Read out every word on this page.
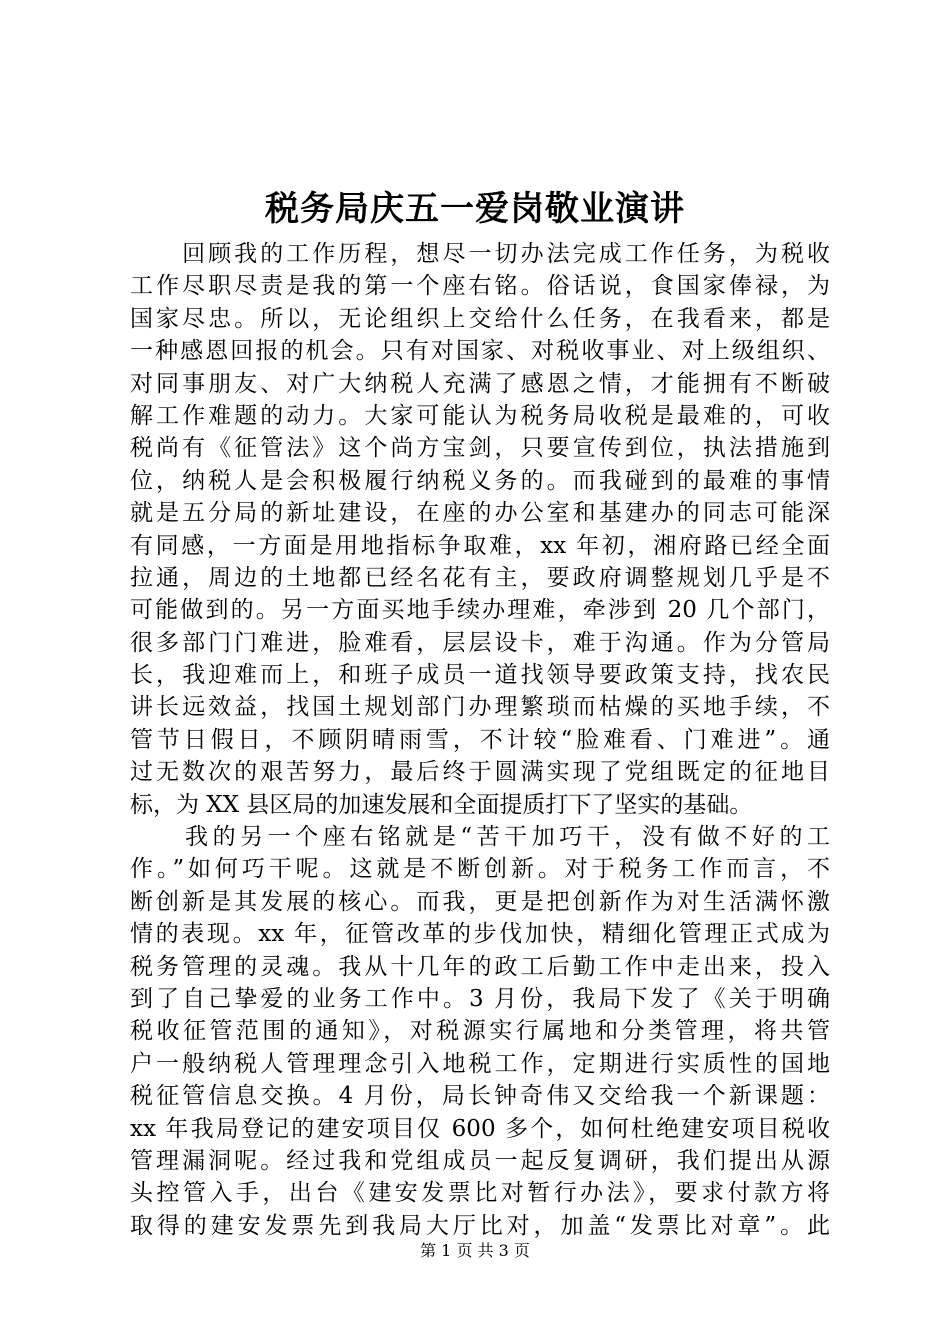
税务局庆五一爱岗敬业演讲
　　回顾我的工作历程，想尽一切办法完成工作任务，为税收
工作尽职尽责是我的第一个座右铭。俗话说，食国家俸禄，为
国家尽忠。所以，无论组织上交给什么任务，在我看来，都是
一种感恩回报的机会。只有对国家、对税收事业、对上级组织、
对同事朋友、对广大纳税人充满了感恩之情，才能拥有不断破
解工作难题的动力。大家可能认为税务局收税是最难的，可收
税尚有《征管法》这个尚方宝剑，只要宣传到位，执法措施到
位，纳税人是会积极履行纳税义务的。而我碰到的最难的事情
就是五分局的新址建设，在座的办公室和基建办的同志可能深
有同感，一方面是用地指标争取难，xx 年初，湘府路已经全面
拉通，周边的土地都已经名花有主，要政府调整规划几乎是不
可能做到的。另一方面买地手续办理难，牵涉到 20 几个部门，
很多部门门难进，脸难看，层层设卡，难于沟通。作为分管局
长，我迎难而上，和班子成员一道找领导要政策支持，找农民
讲长远效益，找国土规划部门办理繁琐而枯燥的买地手续，不
管节日假日，不顾阴晴雨雪，不计较“脸难看、门难进”。通
过无数次的艰苦努力，最后终于圆满实现了党组既定的征地目
标，为 XX 县区局的加速发展和全面提质打下了坚实的基础。
　　我的另一个座右铭就是“苦干加巧干，没有做不好的工
作。”如何巧干呢。这就是不断创新。对于税务工作而言，不
断创新是其发展的核心。而我，更是把创新作为对生活满怀激
情的表现。xx 年，征管改革的步伐加快，精细化管理正式成为
税务管理的灵魂。我从十几年的政工后勤工作中走出来，投入
到了自己挚爱的业务工作中。3 月份，我局下发了《关于明确
税收征管范围的通知》，对税源实行属地和分类管理，将共管
户一般纳税人管理理念引入地税工作，定期进行实质性的国地
税征管信息交换。4 月份，局长钟奇伟又交给我一个新课题：
xx 年我局登记的建安项目仅 600 多个，如何杜绝建安项目税收
管理漏洞呢。经过我和党组成员一起反复调研，我们提出从源
头控管入手，出台《建安发票比对暂行办法》，要求付款方将
取得的建安发票先到我局大厅比对，加盖“发票比对章”。此
第 1 页 共 3 页
